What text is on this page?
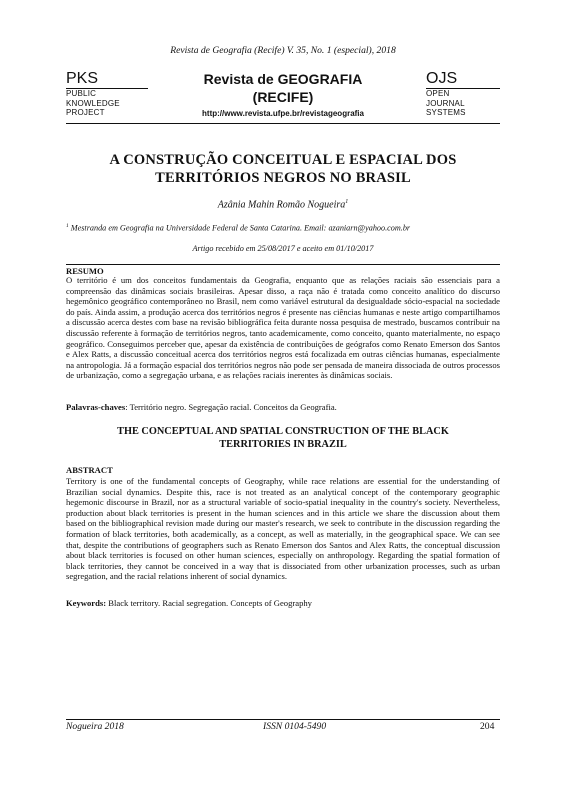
Revista de Geografia (Recife) V. 35, No. 1 (especial), 2018
PKS
PUBLIC
KNOWLEDGE
PROJECT
Revista de GEOGRAFIA
(RECIFE)
http://www.revista.ufpe.br/revistageografia
OJS
OPEN
JOURNAL
SYSTEMS
A CONSTRUÇÃO CONCEITUAL E ESPACIAL DOS
TERRITÓRIOS NEGROS NO BRASIL
Azânia Mahin Romão Nogueira$^1$
$^1$ Mestranda em Geografia na Universidade Federal de Santa Catarina. Email: azaniarn@yahoo.com.br
Artigo recebido em 25/08/2017 e aceito em 01/10/2017
RESUMO
O território é um dos conceitos fundamentais da Geografia, enquanto que as relações raciais são essenciais para a compreensão das dinâmicas sociais brasileiras. Apesar disso, a raça não é tratada como conceito analítico do discurso hegemônico geográfico contemporâneo no Brasil, nem como variável estrutural da desigualdade sócio-espacial na sociedade do país. Ainda assim, a produção acerca dos territórios negros é presente nas ciências humanas e neste artigo compartilhamos a discussão acerca destes com base na revisão bibliográfica feita durante nossa pesquisa de mestrado, buscamos contribuir na discussão referente à formação de territórios negros, tanto academicamente, como conceito, quanto materialmente, no espaço geográfico. Conseguimos perceber que, apesar da existência de contribuições de geógrafos como Renato Emerson dos Santos e Alex Ratts, a discussão conceitual acerca dos territórios negros está focalizada em outras ciências humanas, especialmente na antropologia. Já a formação espacial dos territórios negros não pode ser pensada de maneira dissociada de outros processos de urbanização, como a segregação urbana, e as relações raciais inerentes às dinâmicas sociais.
Palavras-chaves: Território negro. Segregação racial. Conceitos da Geografia.
THE CONCEPTUAL AND SPATIAL CONSTRUCTION OF THE BLACK
TERRITORIES IN BRAZIL
ABSTRACT
Territory is one of the fundamental concepts of Geography, while race relations are essential for the understanding of Brazilian social dynamics. Despite this, race is not treated as an analytical concept of the contemporary geographic hegemonic discourse in Brazil, nor as a structural variable of socio-spatial inequality in the country's society. Nevertheless, production about black territories is present in the human sciences and in this article we share the discussion about them based on the bibliographical revision made during our master's research, we seek to contribute in the discussion regarding the formation of black territories, both academically, as a concept, as well as materially, in the geographical space. We can see that, despite the contributions of geographers such as Renato Emerson dos Santos and Alex Ratts, the conceptual discussion about black territories is focused on other human sciences, especially on anthropology. Regarding the spatial formation of black territories, they cannot be conceived in a way that is dissociated from other urbanization processes, such as urban segregation, and the racial relations inherent of social dynamics.
Keywords: Black territory. Racial segregation. Concepts of Geography
Nogueira 2018	ISSN 0104-5490	204
